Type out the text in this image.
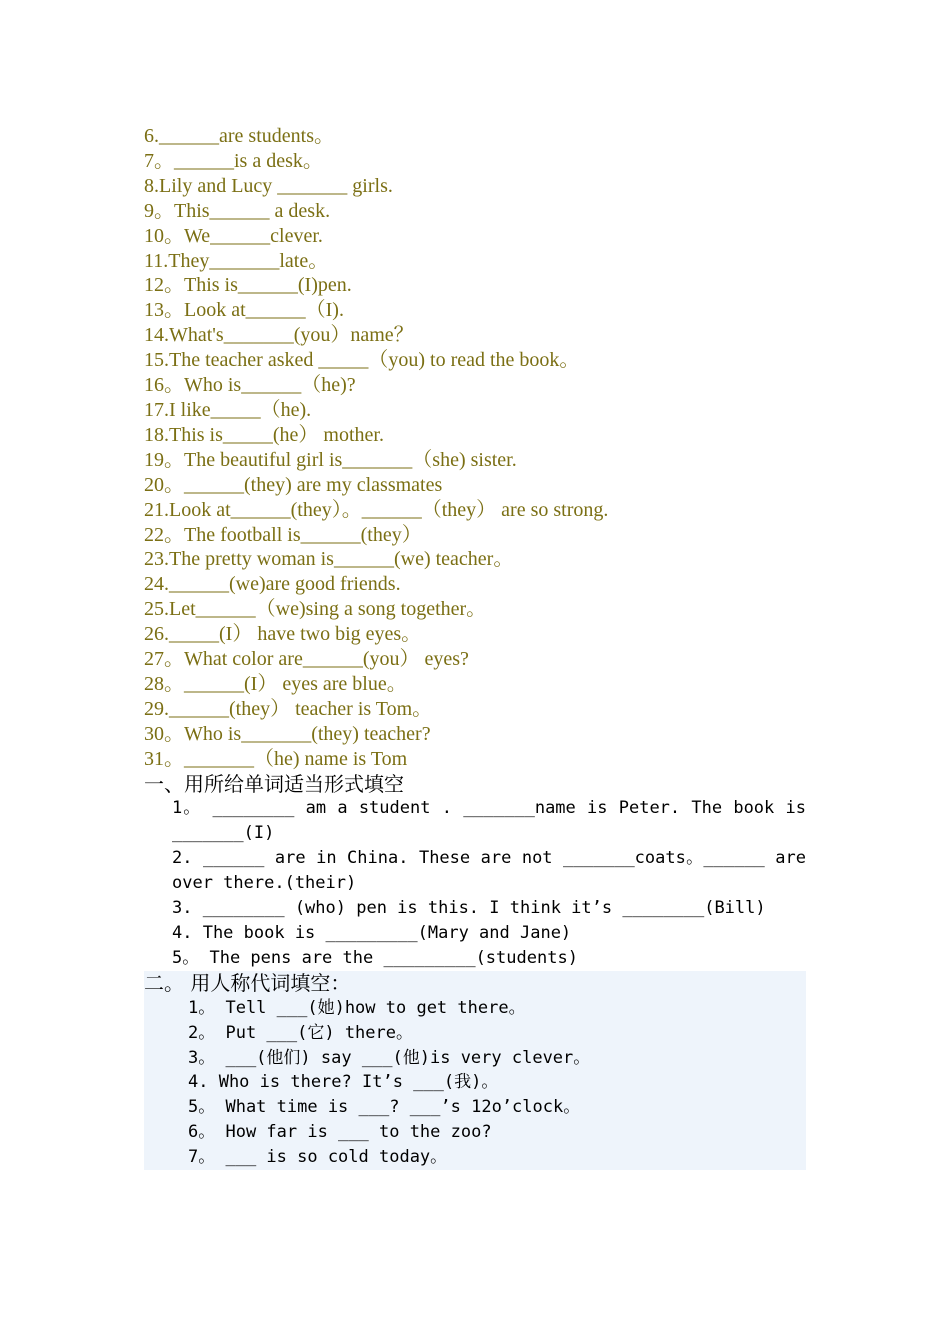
6.______are students。
7。______is a desk。
8.Lily and Lucy _______ girls.
9。This______ a desk.
10。We______clever.
11.They_______late。
12。This is______(I)pen.
13。Look at______（I).
14.What's_______(you）name？
15.The teacher asked _____（you) to read the book。
16。Who is______（he)?
17.I like_____（he).
18.This is_____(he） mother.
19。The beautiful girl is_______（she) sister.
20。______(they) are my classmates
21.Look at______(they）。______（they） are so strong.
22。The football is______(they）
23.The pretty woman is______(we) teacher。
24.______(we)are good friends.
25.Let______（we)sing a song together。
26._____(I） have two big eyes。
27。What color are______(you） eyes?
28。______(I） eyes are blue。
29.______(they） teacher is Tom。
30。Who is_______(they) teacher?
31。_______（he) name is Tom
一、用所给单词适当形式填空
1。 ________ am a student . _______name is Peter. The book is _______(I)
2. ______ are in China. These are not _______coats。______ are over there.(their)
3. ________ (who) pen is this. I think it’s ________(Bill)
4. The book is _________(Mary and Jane)
5。 The pens are the _________(students)
二。 用人称代词填空：
1。 Tell ___(她)how to get there。
2。 Put ___(它) there。
3。 ___(他们) say ___(他)is very clever。
4. Who is there? It’s ___(我)。
5。 What time is ___? ___’s 12o’clock。
6。 How far is ___ to the zoo?
7。 ___ is so cold today。
